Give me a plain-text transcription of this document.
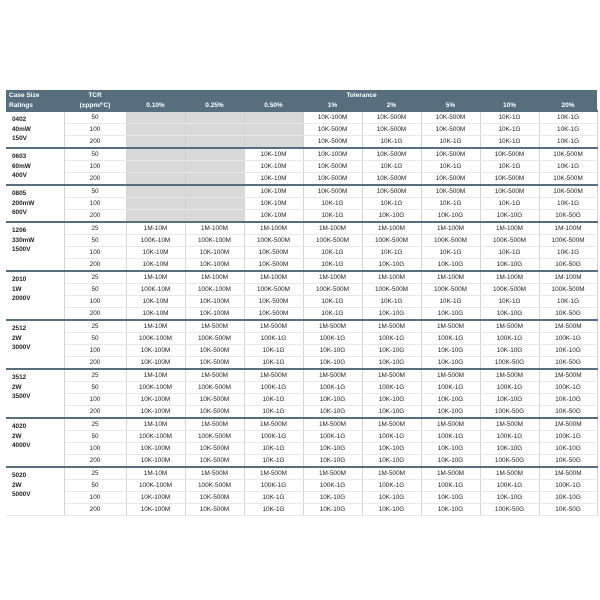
Case Size	TCR	Tolerance							
Ratings	(±ppm/°C)	0.10%	0.25%	0.50%	1%	2%	5%	10%	20%

0402
40mW
150V	50				10K-100M	10K-500M	10K-500M	10K-1G	10K-1G
	100				10K-500M	10K-500M	10K-500M	10K-1G	10K-1G
	200				10K-500M	10K-1G	10K-1G	10K-1G	10K-1G

0603
60mW
400V	50			10K-10M	10K-100M	10K-500M	10K-500M	10K-500M	10K-500M
	100			10K-10M	10K-500M	10K-1G	10K-1G	10K-1G	10K-1G
	200			10K-10M	10K-500M	10K-500M	10K-500M	10K-500M	10K-500M

0805
200mW
600V	50			10K-10M	10K-500M	10K-500M	10K-500M	10K-500M	10K-500M
	100			10K-10M	10K-1G	10K-1G	10K-1G	10K-1G	10K-1G
	200			10K-10M	10K-1G	10K-10G	10K-10G	10K-10G	10K-50G

1206
330mW
1500V	25	1M-10M	1M-100M	1M-100M	1M-100M	1M-100M	1M-100M	1M-100M	1M-100M
	50	100K-10M	100K-100M	100K-500M	100K-500M	100K-500M	100K-500M	100K-500M	100K-500M
	100	10K-10M	10K-100M	10K-500M	10K-1G	10K-1G	10K-1G	10K-1G	10K-1G
	200	10K-10M	10K-100M	10K-500M	10K-1G	10K-10G	10K-10G	10K-10G	10K-50G

2010
1W
2000V	25	1M-10M	1M-100M	1M-100M	1M-100M	1M-100M	1M-100M	1M-100M	1M-100M
	50	100K-10M	100K-100M	100K-500M	100K-500M	100K-500M	100K-500M	100K-500M	100K-500M
	100	10K-10M	10K-100M	10K-500M	10K-1G	10K-1G	10K-1G	10K-1G	10K-1G
	200	10K-10M	10K-100M	10K-500M	10K-1G	10K-10G	10K-10G	10K-10G	10K-50G

2512
2W
3000V	25	1M-10M	1M-500M	1M-500M	1M-500M	1M-500M	1M-500M	1M-500M	1M-500M
	50	100K-100M	100K-500M	100K-1G	100K-1G	100K-1G	100K-1G	100K-1G	100K-1G
	100	10K-100M	10K-500M	10K-1G	10K-10G	10K-10G	10K-10G	10K-10G	10K-10G
	200	10K-100M	10K-500M	10K-1G	10K-10G	10K-10G	10K-10G	100K-50G	10K-50G

3512
2W
3500V	25	1M-10M	1M-500M	1M-500M	1M-500M	1M-500M	1M-500M	1M-500M	1M-500M
	50	100K-100M	100K-500M	100K-1G	100K-1G	100K-1G	100K-1G	100K-1G	100K-1G
	100	10K-100M	10K-500M	10K-1G	10K-10G	10K-10G	10K-10G	10K-10G	10K-10G
	200	10K-100M	10K-500M	10K-1G	10K-10G	10K-10G	10K-10G	100K-50G	10K-50G

4020
2W
4000V	25	1M-10M	1M-500M	1M-500M	1M-500M	1M-500M	1M-500M	1M-500M	1M-500M
	50	100K-100M	100K-500M	100K-1G	100K-1G	100K-1G	100K-1G	100K-1G	100K-1G
	100	10K-100M	10K-500M	10K-1G	10K-10G	10K-10G	10K-10G	10K-10G	10K-10G
	200	10K-100M	10K-500M	10K-1G	10K-10G	10K-10G	10K-10G	100K-50G	10K-50G

5020
2W
5000V	25	1M-10M	1M-500M	1M-500M	1M-500M	1M-500M	1M-500M	1M-500M	1M-500M
	50	100K-100M	100K-500M	100K-1G	100K-1G	100K-1G	100K-1G	100K-1G	100K-1G
	100	10K-100M	10K-500M	10K-1G	10K-10G	10K-10G	10K-10G	10K-10G	10K-10G
	200	10K-100M	10K-500M	10K-1G	10K-10G	10K-10G	10K-10G	100K-50G	10K-50G
